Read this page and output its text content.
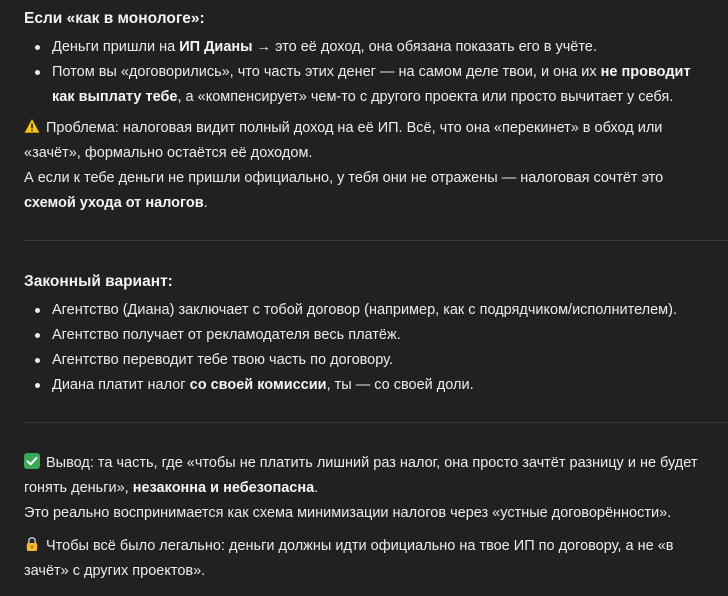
Если «как в монологе»:
Деньги пришли на ИП Дианы → это её доход, она обязана показать его в учёте.
Потом вы «договорились», что часть этих денег — на самом деле твои, и она их не проводит как выплату тебе, а «компенсирует» чем-то с другого проекта или просто вычитает у себя.

Проблема: налоговая видит полный доход на её ИП. Всё, что она «перекинет» в обход или «зачёт», формально остаётся её доходом.

А если к тебе деньги не пришли официально, у тебя они не отражены — налоговая сочтёт это схемой ухода от налогов.

Законный вариант:
Агентство (Диана) заключает с тобой договор (например, как с подрядчиком/исполнителем).
Агентство получает от рекламодателя весь платёж.
Агентство переводит тебе твою часть по договору.
Диана платит налог со своей комиссии, ты — со своей доли.

Вывод: та часть, где «чтобы не платить лишний раз налог, она просто зачтёт разницу и не будет гонять деньги», незаконна и небезопасна.

Это реально воспринимается как схема минимизации налогов через «устные договорённости».

Чтобы всё было легально: деньги должны идти официально на твое ИП по договору, а не «в зачёт» с других проектов».
